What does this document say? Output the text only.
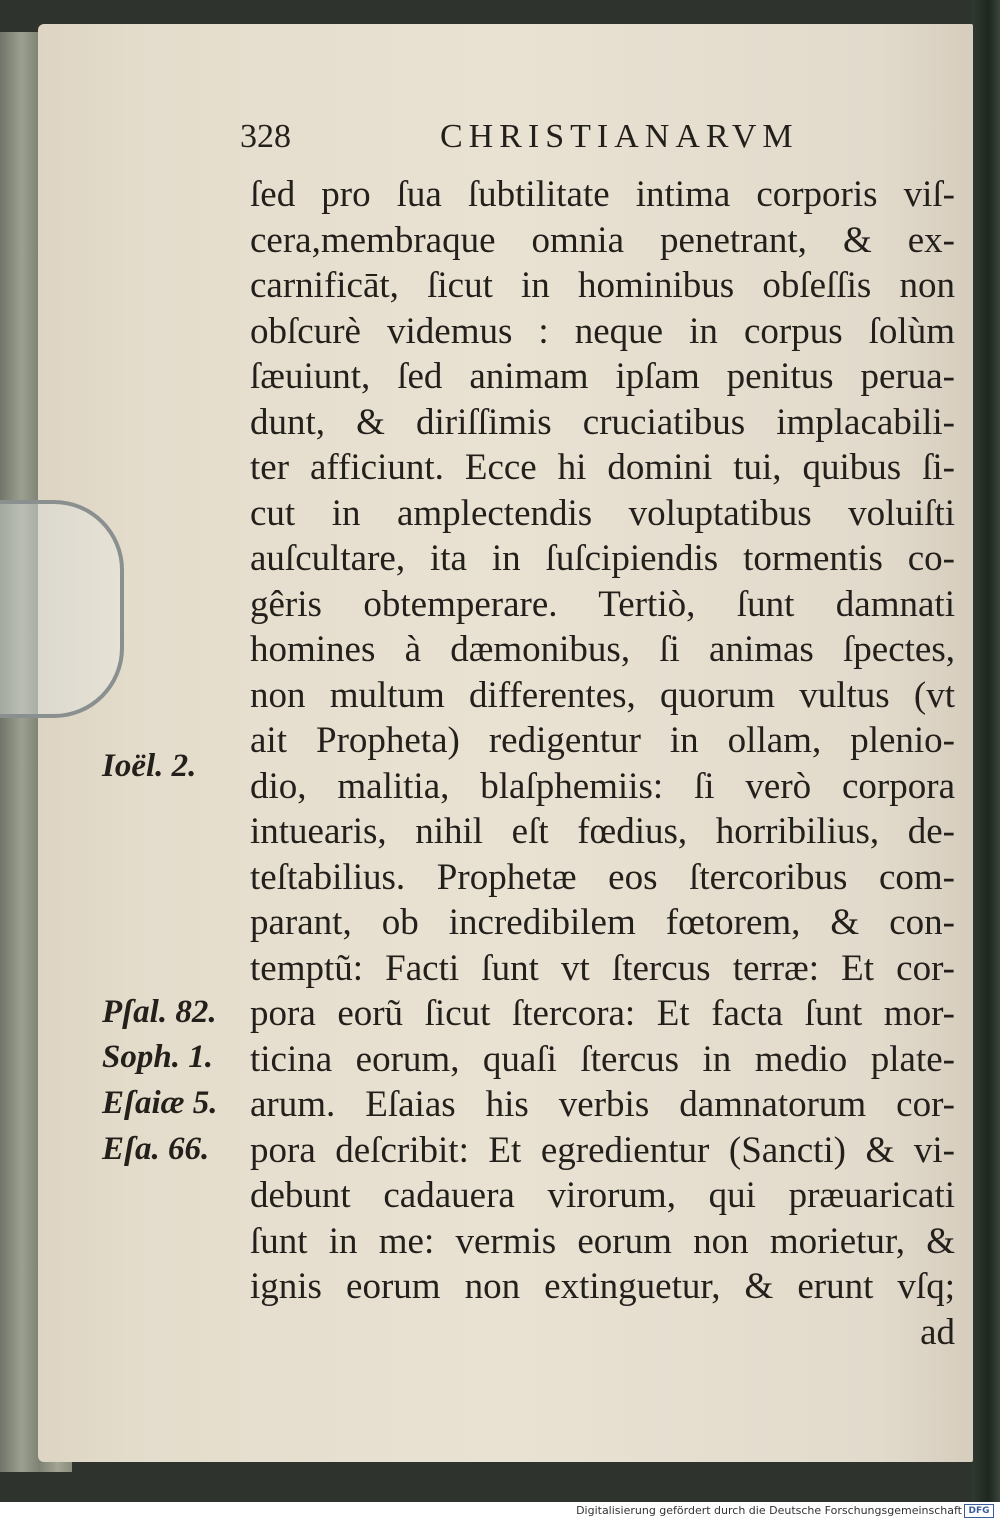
328	CHRISTIANARVM
ſed pro ſua ſubtilitate intima corporis viſ-
cera,membraque omnia penetrant, & ex-
carnificāt, ſicut in hominibus obſeſſis non
obſcurè videmus : neque in corpus ſolùm
ſæuiunt, ſed animam ipſam penitus perua-
dunt, & diriſſimis cruciatibus implacabili-
ter afficiunt. Ecce hi domini tui, quibus ſi-
cut in amplectendis voluptatibus voluiſti
auſcultare, ita in ſuſcipiendis tormentis co-
gêris obtemperare. Tertiò, ſunt damnati
homines à dæmonibus, ſi animas ſpectes,
non multum differentes, quorum vultus (vt
ait Propheta) redigentur in ollam, plenio-
dio, malitia, blaſphemiis: ſi verò corpora
intuearis, nihil eſt fœdius, horribilius, de-
teſtabilius. Prophetæ eos ſtercoribus com-
parant, ob incredibilem fœtorem, & con-
temptũ: Facti ſunt vt ſtercus terræ: Et cor-
pora eorũ ſicut ſtercora: Et facta ſunt mor-
ticina eorum, quaſi ſtercus in medio plate-
arum. Eſaias his verbis damnatorum cor-
pora deſcribit: Et egredientur (Sancti) & vi-
debunt cadauera virorum, qui præuaricati
ſunt in me: vermis eorum non morietur, &
ignis eorum non extinguetur, & erunt vſq;
ad
Ioël. 2.
Pſal. 82.
Soph. 1.
Eſaiæ 5.
Eſa. 66.
Digitalisierung gefördert durch die Deutsche Forschungsgemeinschaft DFG
